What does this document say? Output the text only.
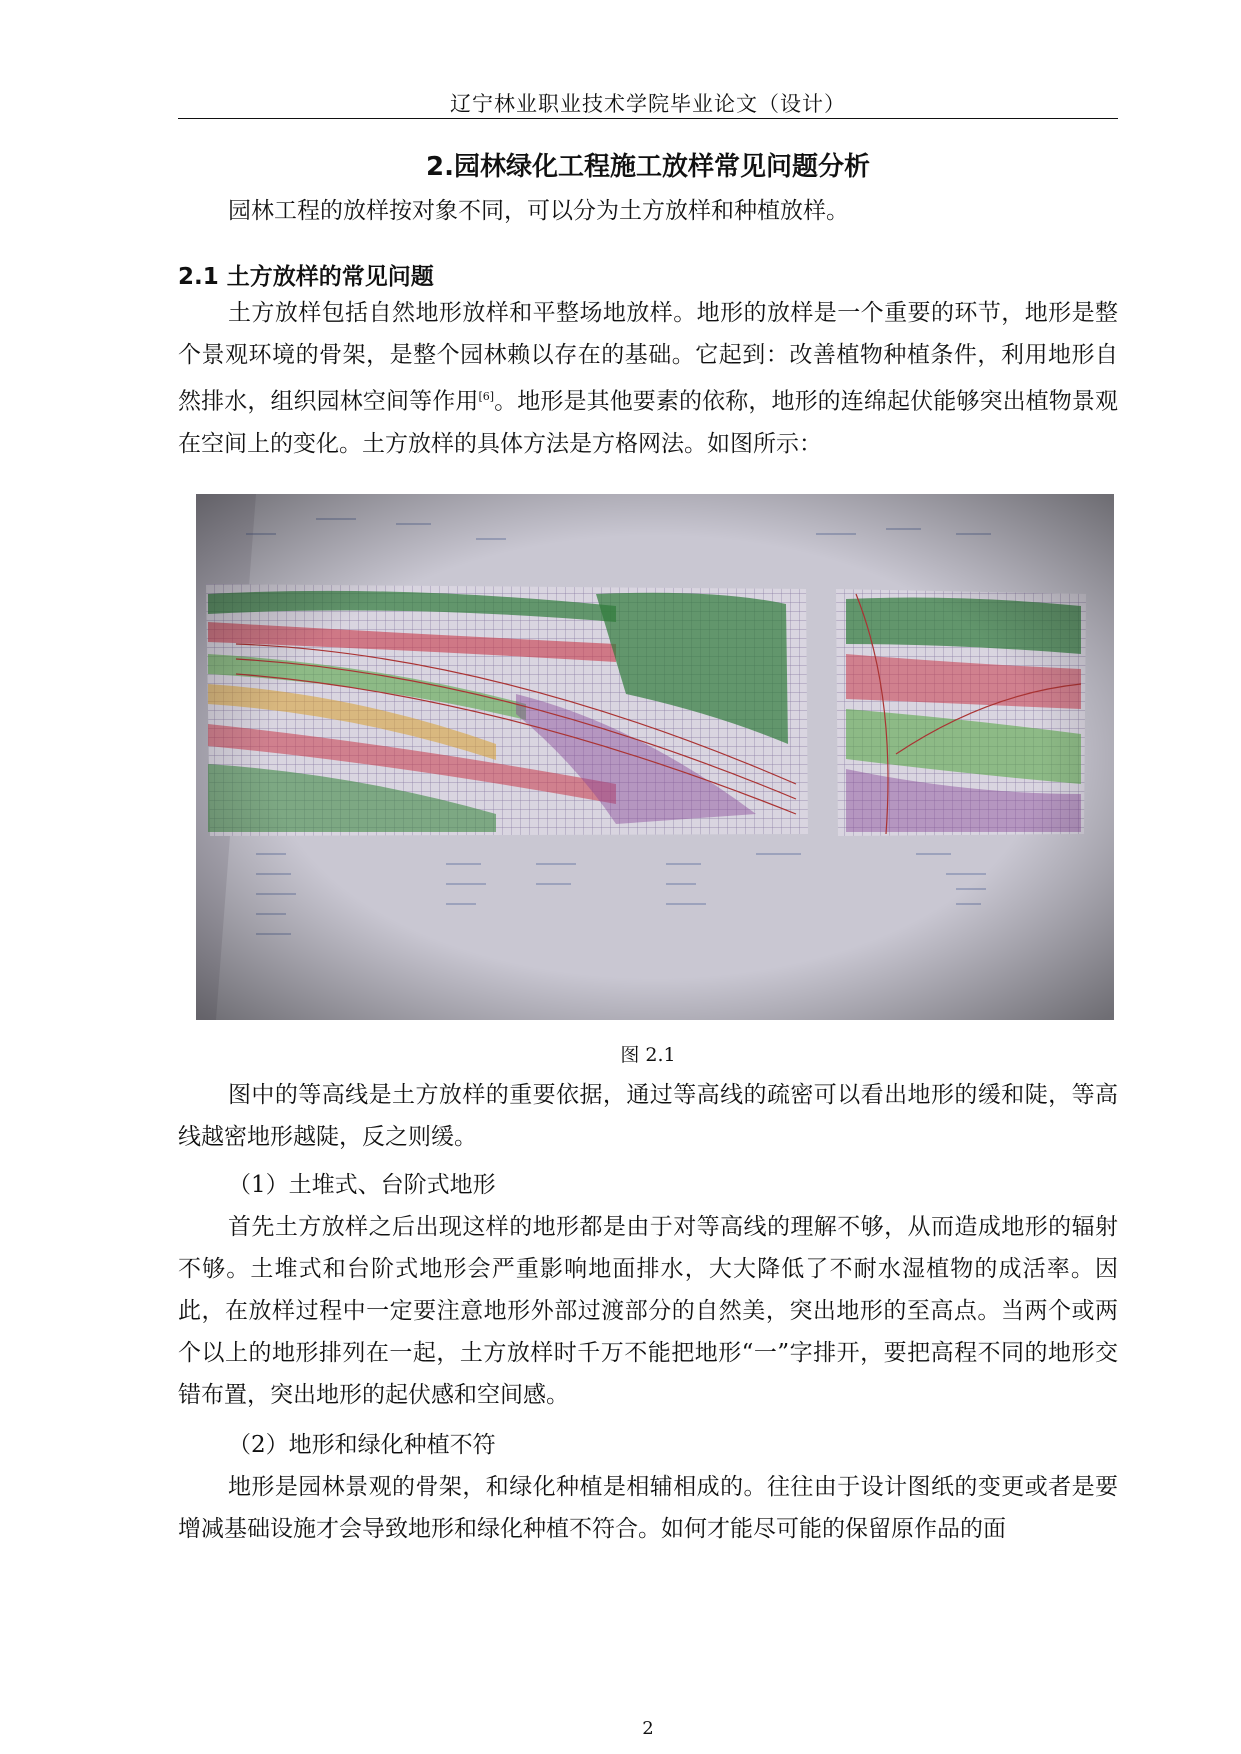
辽宁林业职业技术学院毕业论文（设计）
2.园林绿化工程施工放样常见问题分析

园林工程的放样按对象不同，可以分为土方放样和种植放样。

2.1 土方放样的常见问题

土方放样包括自然地形放样和平整场地放样。地形的放样是一个重要的环节，地形是整个景观环境的骨架，是整个园林赖以存在的基础。它起到：改善植物种植条件，利用地形自然排水，组织园林空间等作用[6]。地形是其他要素的依称，地形的连绵起伏能够突出植物景观在空间上的变化。土方放样的具体方法是方格网法。如图所示：

图 2.1

图中的等高线是土方放样的重要依据，通过等高线的疏密可以看出地形的缓和陡，等高线越密地形越陡，反之则缓。

（1）土堆式、台阶式地形

首先土方放样之后出现这样的地形都是由于对等高线的理解不够，从而造成地形的辐射不够。土堆式和台阶式地形会严重影响地面排水，大大降低了不耐水湿植物的成活率。因此，在放样过程中一定要注意地形外部过渡部分的自然美，突出地形的至高点。当两个或两个以上的地形排列在一起，土方放样时千万不能把地形“一”字排开，要把高程不同的地形交错布置，突出地形的起伏感和空间感。

（2）地形和绿化种植不符

地形是园林景观的骨架，和绿化种植是相辅相成的。往往由于设计图纸的变更或者是要增减基础设施才会导致地形和绿化种植不符合。如何才能尽可能的保留原作品的面

2
